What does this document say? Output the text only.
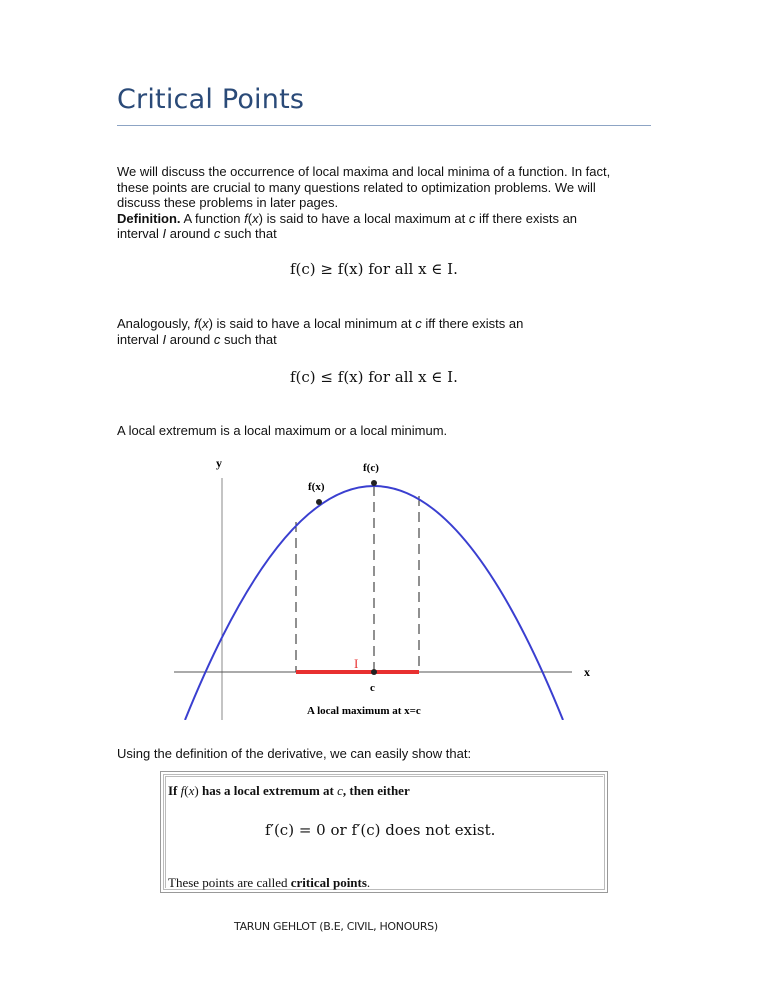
Critical Points
We will discuss the occurrence of local maxima and local minima of a function. In fact,
these points are crucial to many questions related to optimization problems. We will
discuss these problems in later pages.
Definition. A function f(x) is said to have a local maximum at c iff there exists an
interval I around c such that
f(c) ≥ f(x) for all x ∈ I.
Analogously, f(x) is said to have a local minimum at c iff there exists an
interval I around c such that
f(c) ≤ f(x) for all x ∈ I.
A local extremum is a local maximum or a local minimum.
y
x
f(c)
f(x)
I
c
A local maximum at x=c
Using the definition of the derivative, we can easily show that:
If f(x) has a local extremum at c, then either
f′(c) = 0 or f′(c) does not exist.
These points are called critical points.
TARUN GEHLOT (B.E, CIVIL, HONOURS)
